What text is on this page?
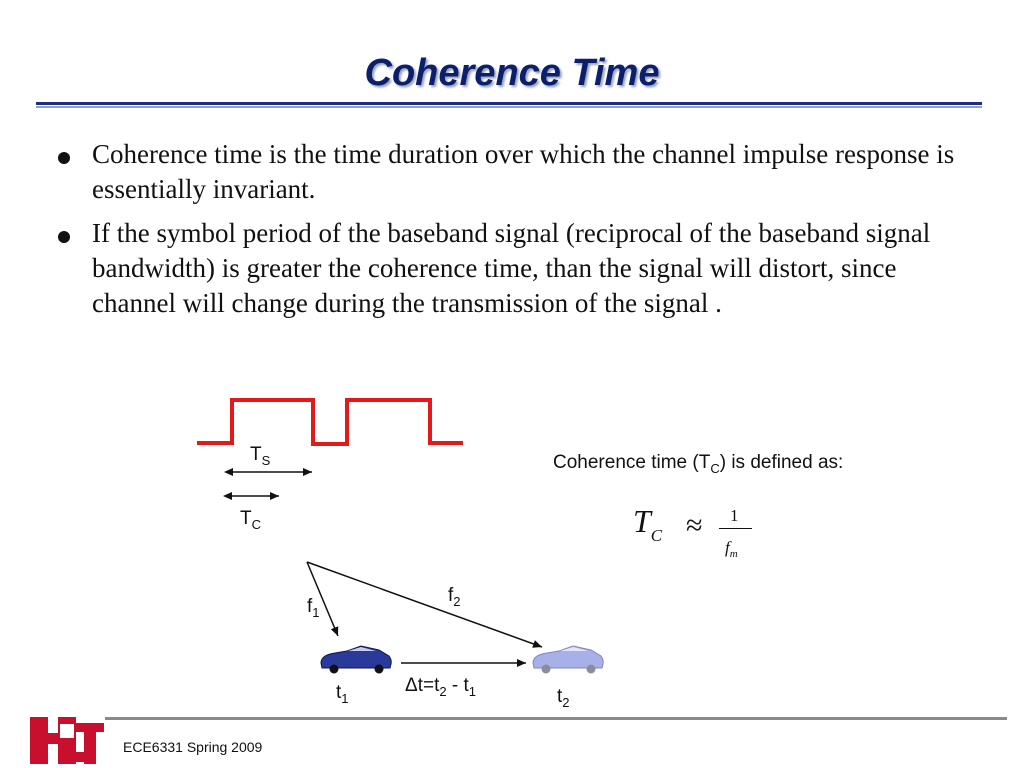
Coherence Time
Coherence time is the time duration over which the channel impulse response is essentially invariant.
If the symbol period of the baseband signal (reciprocal of the baseband signal bandwidth) is greater the coherence time, than the signal will distort, since channel will change during the transmission of the signal .
$T_S$
$T_C$
$f_1$
$f_2$
$t_1$	$t_2$
$\Delta t=t_2 - t_1$
Coherence time $(T_C)$ is defined as:
$T_C \approx 1$
$f_m$
ECE6331 Spring 2009
